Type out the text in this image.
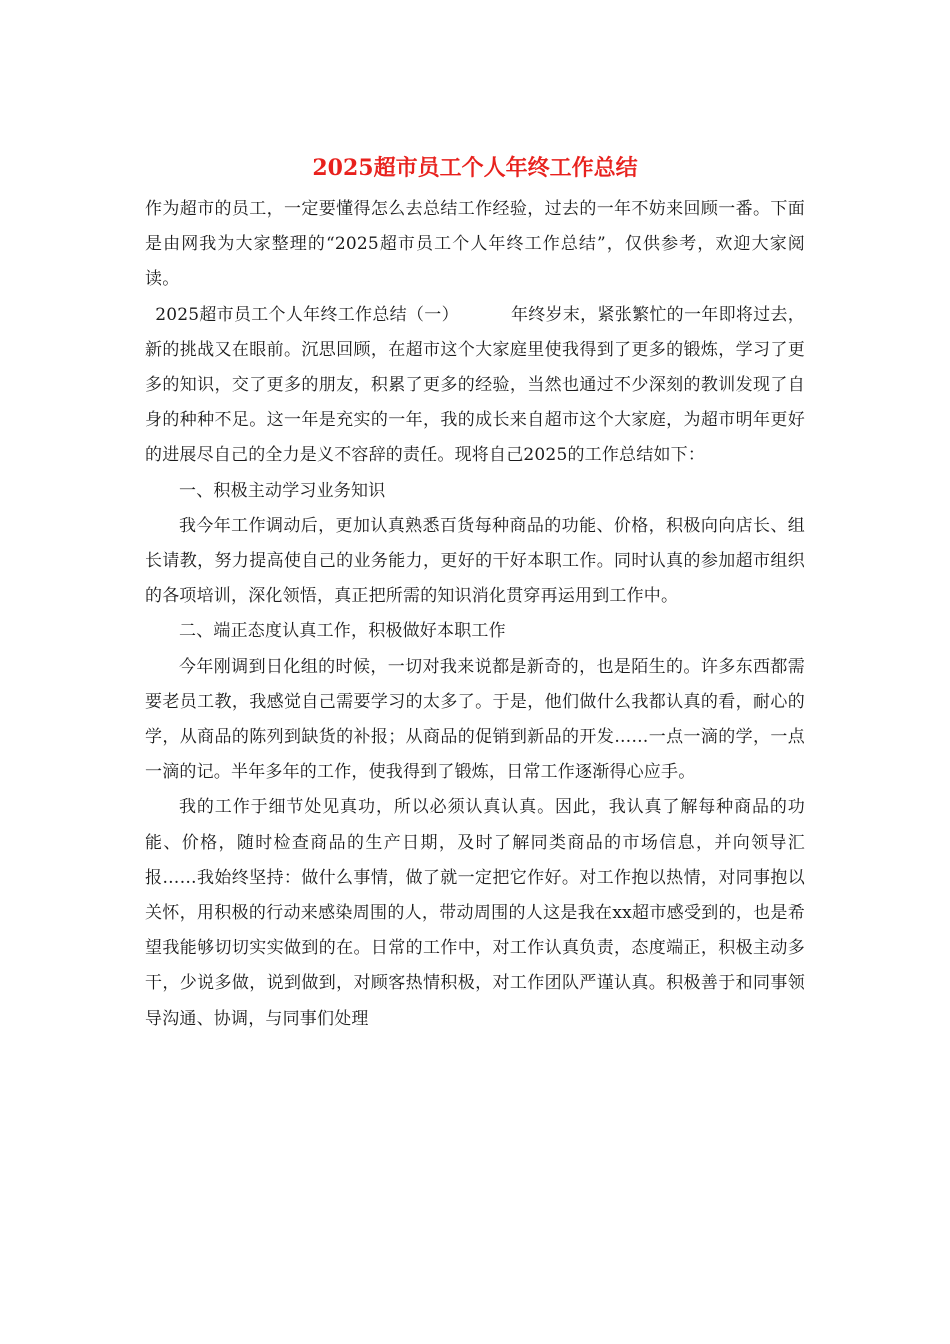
2025超市员工个人年终工作总结

作为超市的员工，一定要懂得怎么去总结工作经验，过去的一年不妨来回顾一番。下面是由网我为大家整理的“2025超市员工个人年终工作总结”，仅供参考，欢迎大家阅读。

2025超市员工个人年终工作总结（一）	年终岁末，紧张繁忙的一年即将过去，新的挑战又在眼前。沉思回顾，在超市这个大家庭里使我得到了更多的锻炼，学习了更多的知识，交了更多的朋友，积累了更多的经验，当然也通过不少深刻的教训发现了自身的种种不足。这一年是充实的一年，我的成长来自超市这个大家庭，为超市明年更好的进展尽自己的全力是义不容辞的责任。现将自己2025的工作总结如下：

一、积极主动学习业务知识

我今年工作调动后，更加认真熟悉百货每种商品的功能、价格，积极向向店长、组长请教，努力提高使自己的业务能力，更好的干好本职工作。同时认真的参加超市组织的各项培训，深化领悟，真正把所需的知识消化贯穿再运用到工作中。

二、端正态度认真工作，积极做好本职工作

今年刚调到日化组的时候，一切对我来说都是新奇的，也是陌生的。许多东西都需要老员工教，我感觉自己需要学习的太多了。于是，他们做什么我都认真的看，耐心的学，从商品的陈列到缺货的补报；从商品的促销到新品的开发……一点一滴的学，一点一滴的记。半年多年的工作，使我得到了锻炼，日常工作逐渐得心应手。

我的工作于细节处见真功，所以必须认真认真。因此，我认真了解每种商品的功能、价格，随时检查商品的生产日期，及时了解同类商品的市场信息，并向领导汇报……我始终坚持：做什么事情，做了就一定把它作好。对工作抱以热情，对同事抱以关怀，用积极的行动来感染周围的人，带动周围的人这是我在xx超市感受到的，也是希望我能够切切实实做到的在。日常的工作中，对工作认真负责，态度端正，积极主动多干，少说多做，说到做到，对顾客热情积极，对工作团队严谨认真。积极善于和同事领导沟通、协调，与同事们处理
